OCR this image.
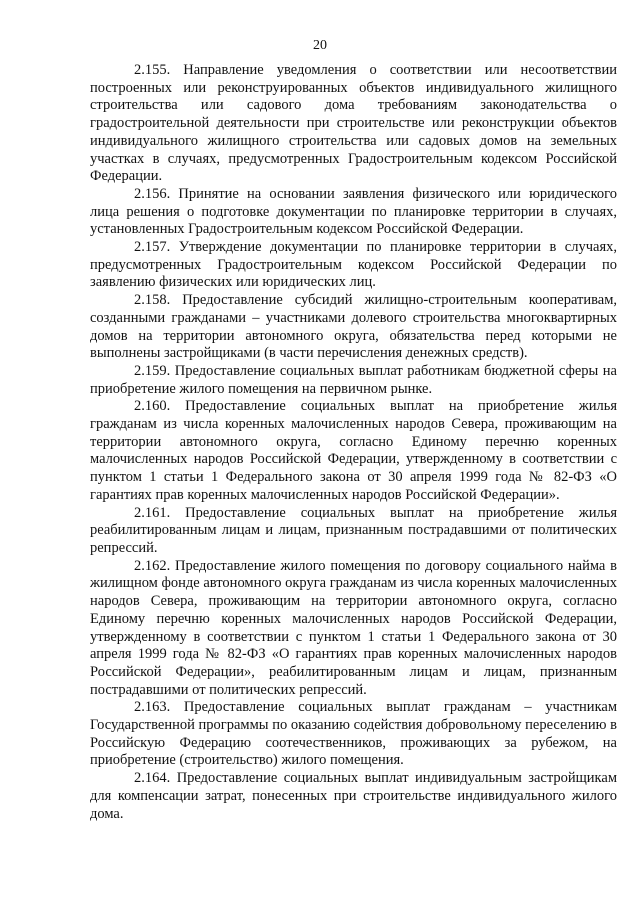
20

2.155. Направление уведомления о соответствии или несоответствии построенных или реконструированных объектов индивидуального жилищного строительства или садового дома требованиям законодательства о градостроительной деятельности при строительстве или реконструкции объектов индивидуального жилищного строительства или садовых домов на земельных участках в случаях, предусмотренных Градостроительным кодексом Российской Федерации.

2.156. Принятие на основании заявления физического или юридического лица решения о подготовке документации по планировке территории в случаях, установленных Градостроительным кодексом Российской Федерации.

2.157. Утверждение документации по планировке территории в случаях, предусмотренных Градостроительным кодексом Российской Федерации по заявлению физических или юридических лиц.

2.158. Предоставление субсидий жилищно-строительным кооперативам, созданными гражданами – участниками долевого строительства многоквартирных домов на территории автономного округа, обязательства перед которыми не выполнены застройщиками (в части перечисления денежных средств).

2.159. Предоставление социальных выплат работникам бюджетной сферы на приобретение жилого помещения на первичном рынке.

2.160. Предоставление социальных выплат на приобретение жилья гражданам из числа коренных малочисленных народов Севера, проживающим на территории автономного округа, согласно Единому перечню коренных малочисленных народов Российской Федерации, утвержденному в соответствии с пунктом 1 статьи 1 Федерального закона от 30 апреля 1999 года № 82-ФЗ «О гарантиях прав коренных малочисленных народов Российской Федерации».

2.161. Предоставление социальных выплат на приобретение жилья реабилитированным лицам и лицам, признанным пострадавшими от политических репрессий.

2.162. Предоставление жилого помещения по договору социального найма в жилищном фонде автономного округа гражданам из числа коренных малочисленных народов Севера, проживающим на территории автономного округа, согласно Единому перечню коренных малочисленных народов Российской Федерации, утвержденному в соответствии с пунктом 1 статьи 1 Федерального закона от 30 апреля 1999 года № 82-ФЗ «О гарантиях прав коренных малочисленных народов Российской Федерации», реабилитированным лицам и лицам, признанным пострадавшими от политических репрессий.

2.163. Предоставление социальных выплат гражданам – участникам Государственной программы по оказанию содействия добровольному переселению в Российскую Федерацию соотечественников, проживающих за рубежом, на приобретение (строительство) жилого помещения.

2.164. Предоставление социальных выплат индивидуальным застройщикам для компенсации затрат, понесенных при строительстве индивидуального жилого дома.
